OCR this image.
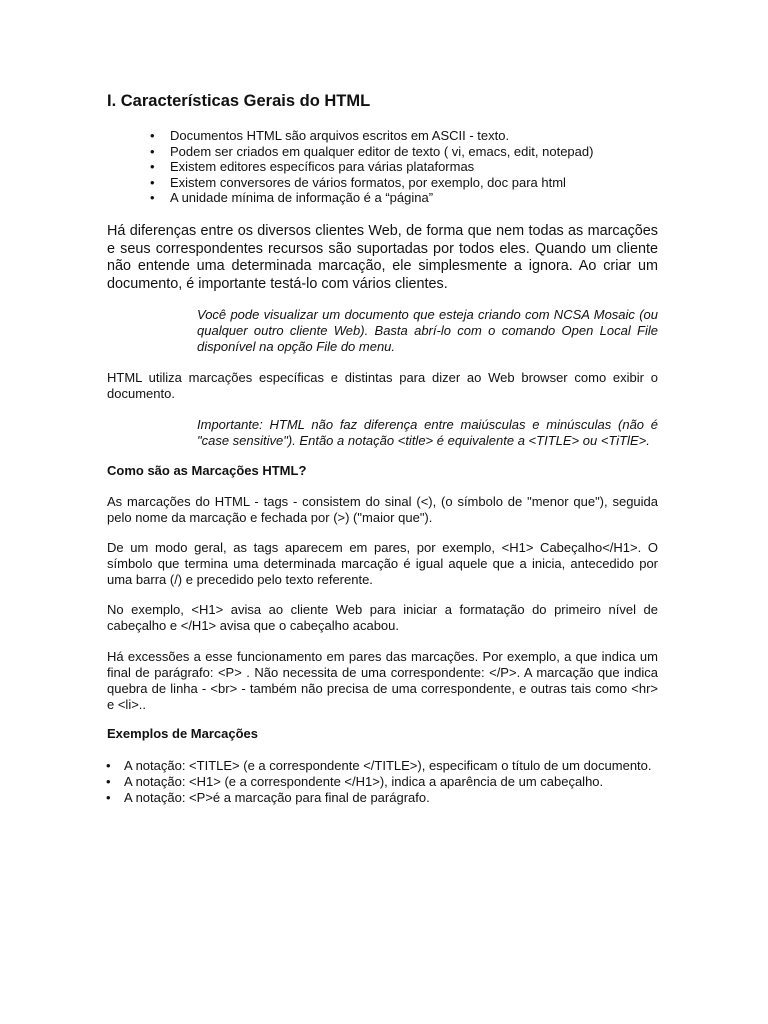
I. Características Gerais do HTML
• Documentos HTML são arquivos escritos em ASCII - texto.
• Podem ser criados em qualquer editor de texto ( vi, emacs, edit, notepad)
• Existem editores específicos para várias plataformas
• Existem conversores de vários formatos, por exemplo, doc para html
• A unidade mínima de informação é a “página”

Há diferenças entre os diversos clientes Web, de forma que nem todas as marcações e seus correspondentes recursos são suportadas por todos eles. Quando um cliente não entende uma determinada marcação, ele simplesmente a ignora. Ao criar um documento, é importante testá-lo com vários clientes.

Você pode visualizar um documento que esteja criando com NCSA Mosaic (ou qualquer outro cliente Web). Basta abrí-lo com o comando Open Local File disponível na opção File do menu.

HTML utiliza marcações específicas e distintas para dizer ao Web browser como exibir o documento.

Importante: HTML não faz diferença entre maiúsculas e minúsculas (não é "case sensitive"). Então a notação <title> é equivalente a <TITLE> ou <TiTlE>.

Como são as Marcações HTML?

As marcações do HTML - tags - consistem do sinal (<), (o símbolo de "menor que"), seguida pelo nome da marcação e fechada por (>) ("maior que").

De um modo geral, as tags aparecem em pares, por exemplo, <H1> Cabeçalho</H1>. O símbolo que termina uma determinada marcação é igual aquele que a inicia, antecedido por uma barra (/) e precedido pelo texto referente.

No exemplo, <H1> avisa ao cliente Web para iniciar a formatação do primeiro nível de cabeçalho e </H1> avisa que o cabeçalho acabou.

Há excessões a esse funcionamento em pares das marcações. Por exemplo, a que indica um final de parágrafo: <P> . Não necessita de uma correspondente: </P>. A marcação que indica quebra de linha - <br> - também não precisa de uma correspondente, e outras tais como <hr> e <li>..

Exemplos de Marcações
• A notação: <TITLE> (e a correspondente </TITLE>), especificam o título de um documento.
• A notação: <H1> (e a correspondente </H1>), indica a aparência de um cabeçalho.
• A notação: <P>é a marcação para final de parágrafo.
